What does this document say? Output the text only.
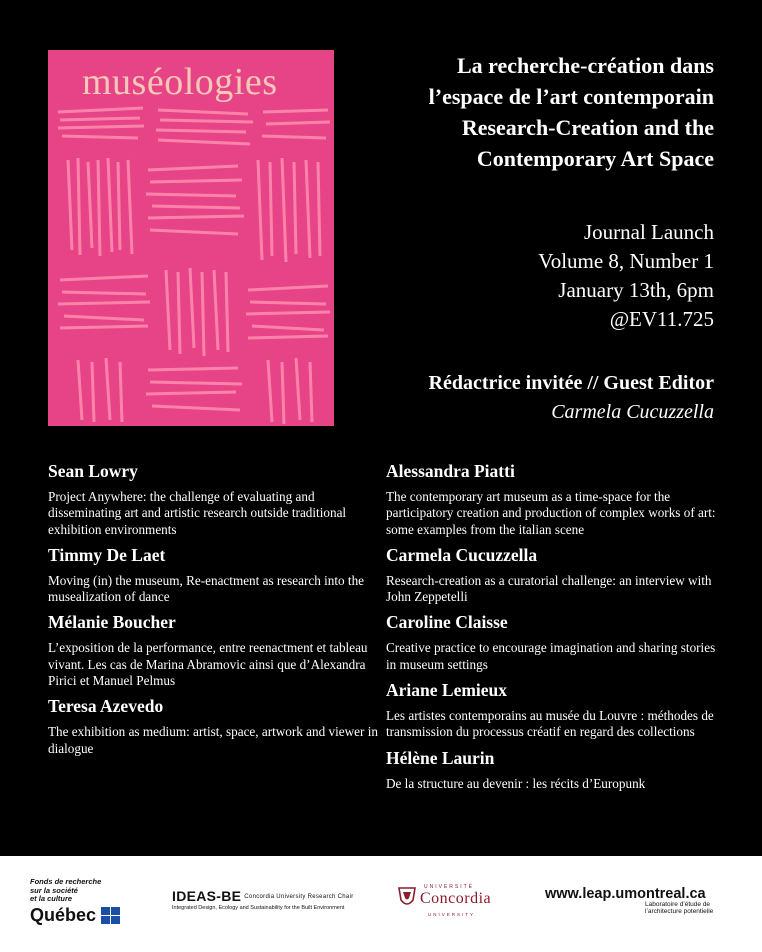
muséologies	La recherche-création dans
l’espace de l’art contemporain
Research-Creation and the
Contemporary Art Space
Journal Launch
Volume 8, Number 1
January 13th, 6pm
@EV11.725
Rédactrice invitée // Guest Editor
Carmela Cucuzzella
Sean Lowry
Project Anywhere: the challenge of evaluating and disseminating art and artistic research outside traditional exhibition environments
Timmy De Laet
Moving (in) the museum, Re-enactment as research into the musealization of dance
Mélanie Boucher
L’exposition de la performance, entre reenactment et tableau vivant. Les cas de Marina Abramovic ainsi que d’Alexandra Pirici et Manuel Pelmus
Teresa Azevedo
The exhibition as medium: artist, space, artwork and viewer in dialogue
Alessandra Piatti
The contemporary art museum as a time-space for the participatory creation and production of complex works of art: some examples from the italian scene
Carmela Cucuzzella
Research-creation as a curatorial challenge: an interview with John Zeppetelli
Caroline Claisse
Creative practice to encourage imagination and sharing stories in museum settings
Ariane Lemieux
Les artistes contemporains au musée du Louvre : méthodes de transmission du processus créatif en regard des collections
Hélène Laurin
De la structure au devenir : les récits d’Europunk
Fonds de recherche
sur la société
et la culture
Québec
IDEAS-BE Concordia University Research Chair
Integrated Design, Ecology and Sustainability for the Built Environment
UNIVERSITÉ
Concordia
UNIVERSITY
www.leap.umontreal.ca
Laboratoire d’étude de l’architecture potentielle
